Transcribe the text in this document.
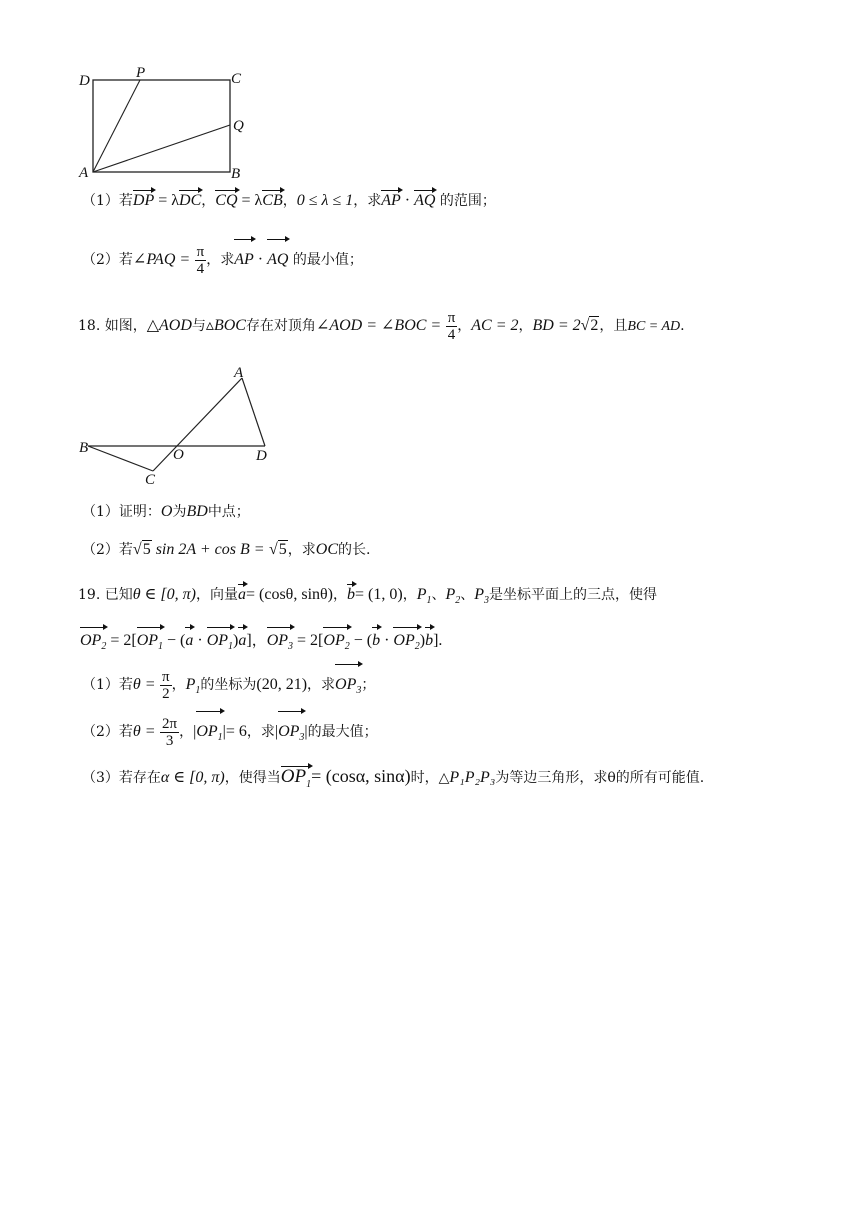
D	P	C
Q
A	B
（1）若DP = λDC，CQ = λCB，0 ≤ λ ≤ 1，求AP · AQ 的范围；
（2）若∠PAQ = $\frac{\pi}{4}$ ，求AP · AQ 的最小值；
18. 如图，△AOD与▵BOC存在对顶角∠AOD = ∠BOC = $\frac{\pi}{4}$ ，AC = 2，BD = 2√2，且BC = AD.
A
B	O	D
C
（1）证明：O为BD中点；
（2）若√5 sin 2A + cos B = √5，求OC的长.
19. 已知θ ∈ [0, π)，向量a= (cosθ, sinθ)，b= (1, 0)，$P_1$、$P_2$、$P_3$是坐标平面上的三点，使得
$OP_2 = 2[OP_1 - (a \cdot OP_1)a]$，$OP_3 = 2[OP_2 - (b \cdot OP_2)b]$.
（1）若$\theta = \frac{\pi}{2}$ ，$P_1$的坐标为(20, 21)，求$OP_3$；
（2）若$\theta = \frac{2\pi}{3}$ ，$|OP_1|= 6$，求$|OP_3|$的最大值；
（3）若存在α ∈ [0, π)，使得当$OP_1= (\cos\alpha$, sinα)时，△P₁P₂P₃为等边三角形，求θ的所有可能值.
